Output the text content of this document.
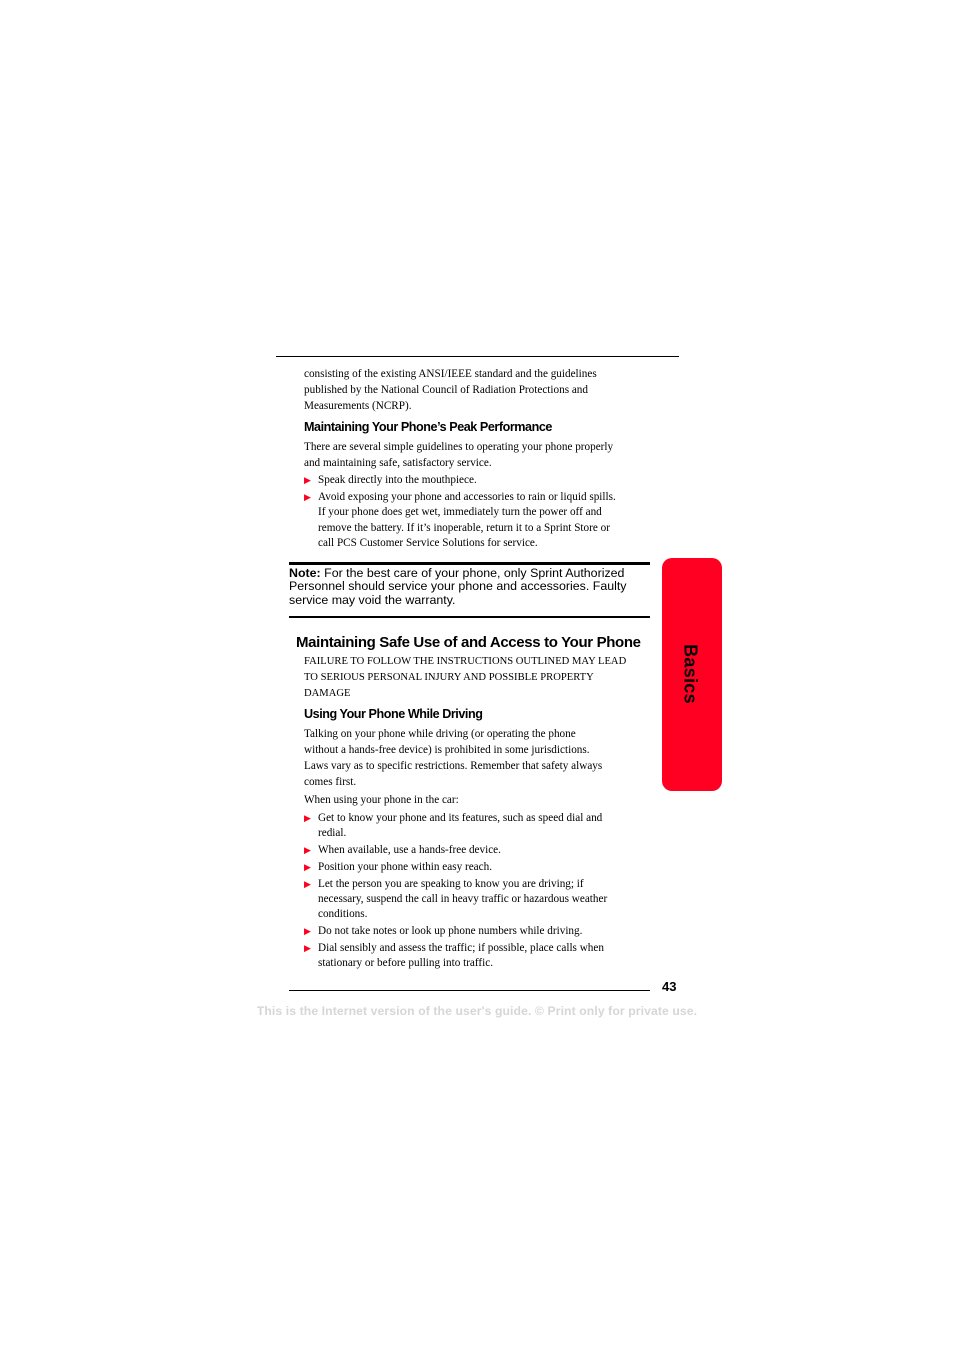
consisting of the existing ANSI/IEEE standard and the guidelines
published by the National Council of Radiation Protections and
Measurements (NCRP).
Maintaining Your Phone’s Peak Performance
There are several simple guidelines to operating your phone properly
and maintaining safe, satisfactory service.
▶ Speak directly into the mouthpiece.
▶ Avoid exposing your phone and accessories to rain or liquid spills.
If your phone does get wet, immediately turn the power off and
remove the battery. If it’s inoperable, return it to a Sprint Store or
call PCS Customer Service Solutions for service.
Note: For the best care of your phone, only Sprint Authorized
Personnel should service your phone and accessories. Faulty
service may void the warranty.
Maintaining Safe Use of and Access to Your Phone
FAILURE TO FOLLOW THE INSTRUCTIONS OUTLINED MAY LEAD
TO SERIOUS PERSONAL INJURY AND POSSIBLE PROPERTY
DAMAGE
Using Your Phone While Driving
Talking on your phone while driving (or operating the phone
without a hands-free device) is prohibited in some jurisdictions.
Laws vary as to specific restrictions. Remember that safety always
comes first.
When using your phone in the car:
▶ Get to know your phone and its features, such as speed dial and
redial.
▶ When available, use a hands-free device.
▶ Position your phone within easy reach.
▶ Let the person you are speaking to know you are driving; if
necessary, suspend the call in heavy traffic or hazardous weather
conditions.
▶ Do not take notes or look up phone numbers while driving.
▶ Dial sensibly and assess the traffic; if possible, place calls when
stationary or before pulling into traffic.
Basics
43
This is the Internet version of the user's guide. © Print only for private use.
